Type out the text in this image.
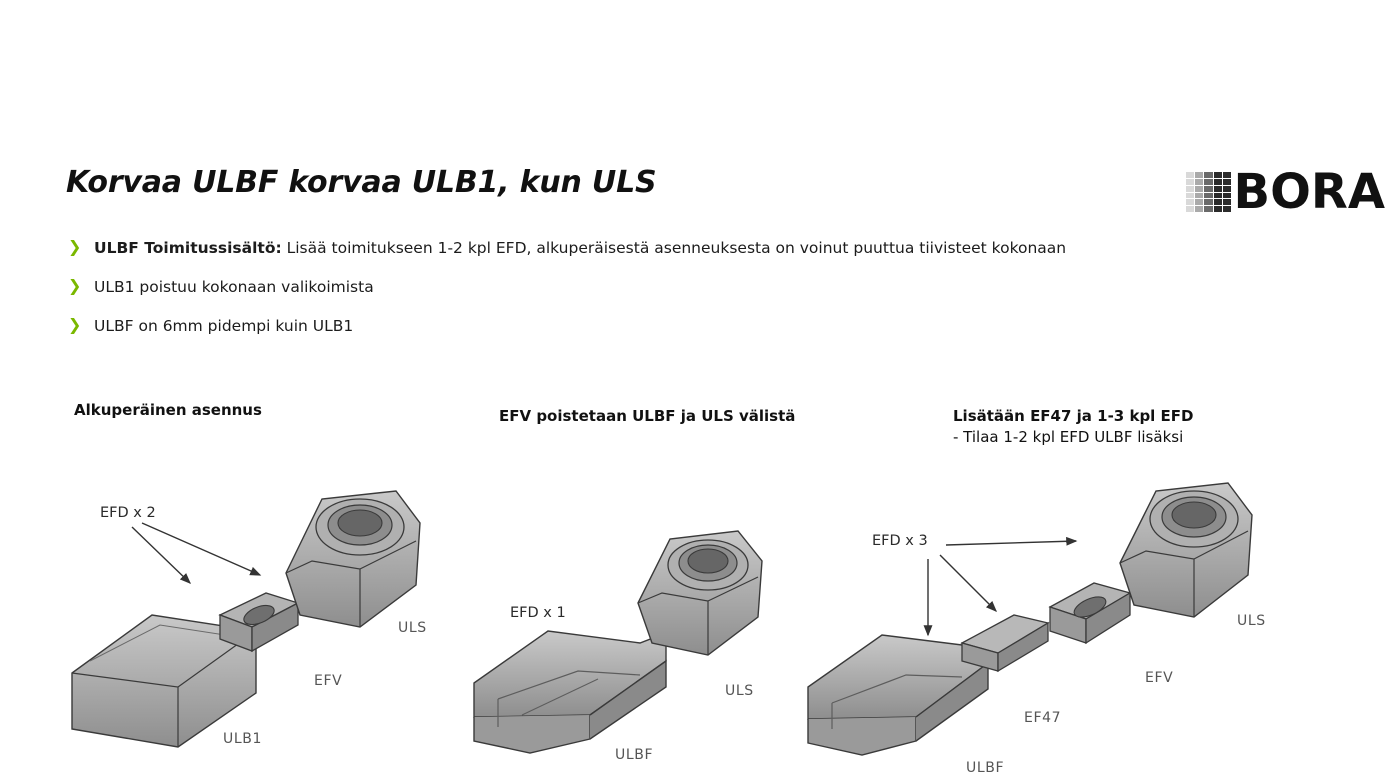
Korvaa ULBF korvaa ULB1, kun ULS	BORA
❯ ULBF Toimitussisältö: Lisää toimitukseen 1-2 kpl EFD, alkuperäisestä asenneuksesta on voinut puuttua tiivisteet kokonaan
❯ ULB1 poistuu kokonaan valikoimista
❯ ULBF on 6mm pidempi kuin ULB1
Alkuperäinen asennus	EFV poistetaan ULBF ja ULS välistä	Lisätään EF47 ja 1-3 kpl EFD
- Tilaa 1-2 kpl EFD ULBF lisäksi
EFD x 2
ULB1
EFV
ULS
EFD x 1
ULBF
ULS
EFD x 3
ULBF
EF47
EFV
ULS
